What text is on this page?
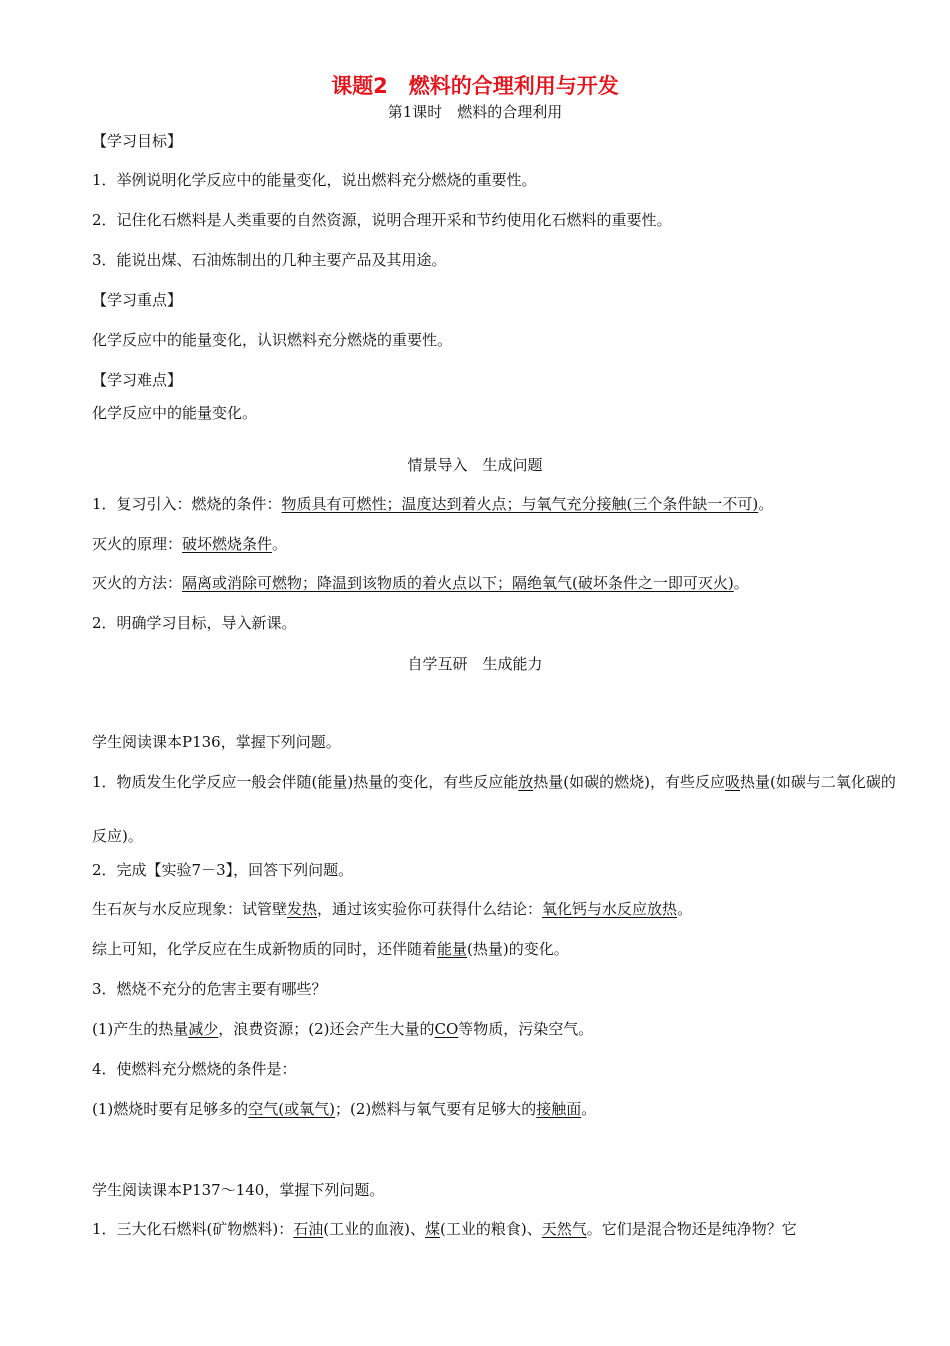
课题2　燃料的合理利用与开发
第1课时　燃料的合理利用
【学习目标】
1．举例说明化学反应中的能量变化，说出燃料充分燃烧的重要性。
2．记住化石燃料是人类重要的自然资源，说明合理开采和节约使用化石燃料的重要性。
3．能说出煤、石油炼制出的几种主要产品及其用途。
【学习重点】
化学反应中的能量变化，认识燃料充分燃烧的重要性。
【学习难点】
化学反应中的能量变化。
情景导入　生成问题
1．复习引入：燃烧的条件：物质具有可燃性；温度达到着火点；与氧气充分接触(三个条件缺一不可)。
灭火的原理：破坏燃烧条件。
灭火的方法：隔离或消除可燃物；降温到该物质的着火点以下；隔绝氧气(破坏条件之一即可灭火)。
2．明确学习目标，导入新课。
自学互研　生成能力
学生阅读课本P136，掌握下列问题。
1．物质发生化学反应一般会伴随(能量)热量的变化，有些反应能放热量(如碳的燃烧)，有些反应吸热量(如碳与二氧化碳的反应)。
2．完成【实验7－3】，回答下列问题。
生石灰与水反应现象：试管壁发热，通过该实验你可获得什么结论：氧化钙与水反应放热。
综上可知，化学反应在生成新物质的同时，还伴随着能量(热量)的变化。
3．燃烧不充分的危害主要有哪些？
(1)产生的热量减少，浪费资源；(2)还会产生大量的CO等物质，污染空气。
4．使燃料充分燃烧的条件是：
(1)燃烧时要有足够多的空气(或氧气)；(2)燃料与氧气要有足够大的接触面。
学生阅读课本P137～140，掌握下列问题。
1．三大化石燃料(矿物燃料)：石油(工业的血液)、煤(工业的粮食)、天然气。它们是混合物还是纯净物？它
